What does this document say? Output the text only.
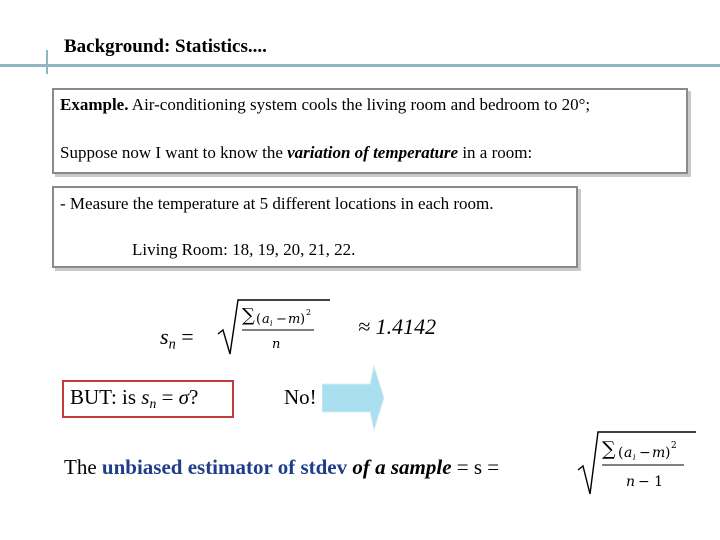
Background: Statistics....
Example. Air-conditioning system cools the living room and bedroom to 20°;
Suppose now I want to know the variation of temperature in a room:
- Measure the temperature at 5 different locations in each room.
Living Room: 18, 19, 20, 21, 22.
$s_n$ =
∑ ( a i − m ) 2
n
≈ 1.4142
BUT: is $s_n = \sigma$?	No!
The unbiased estimator of stdev of a sample = s =
∑ ( a i − m ) 2
n − 1
